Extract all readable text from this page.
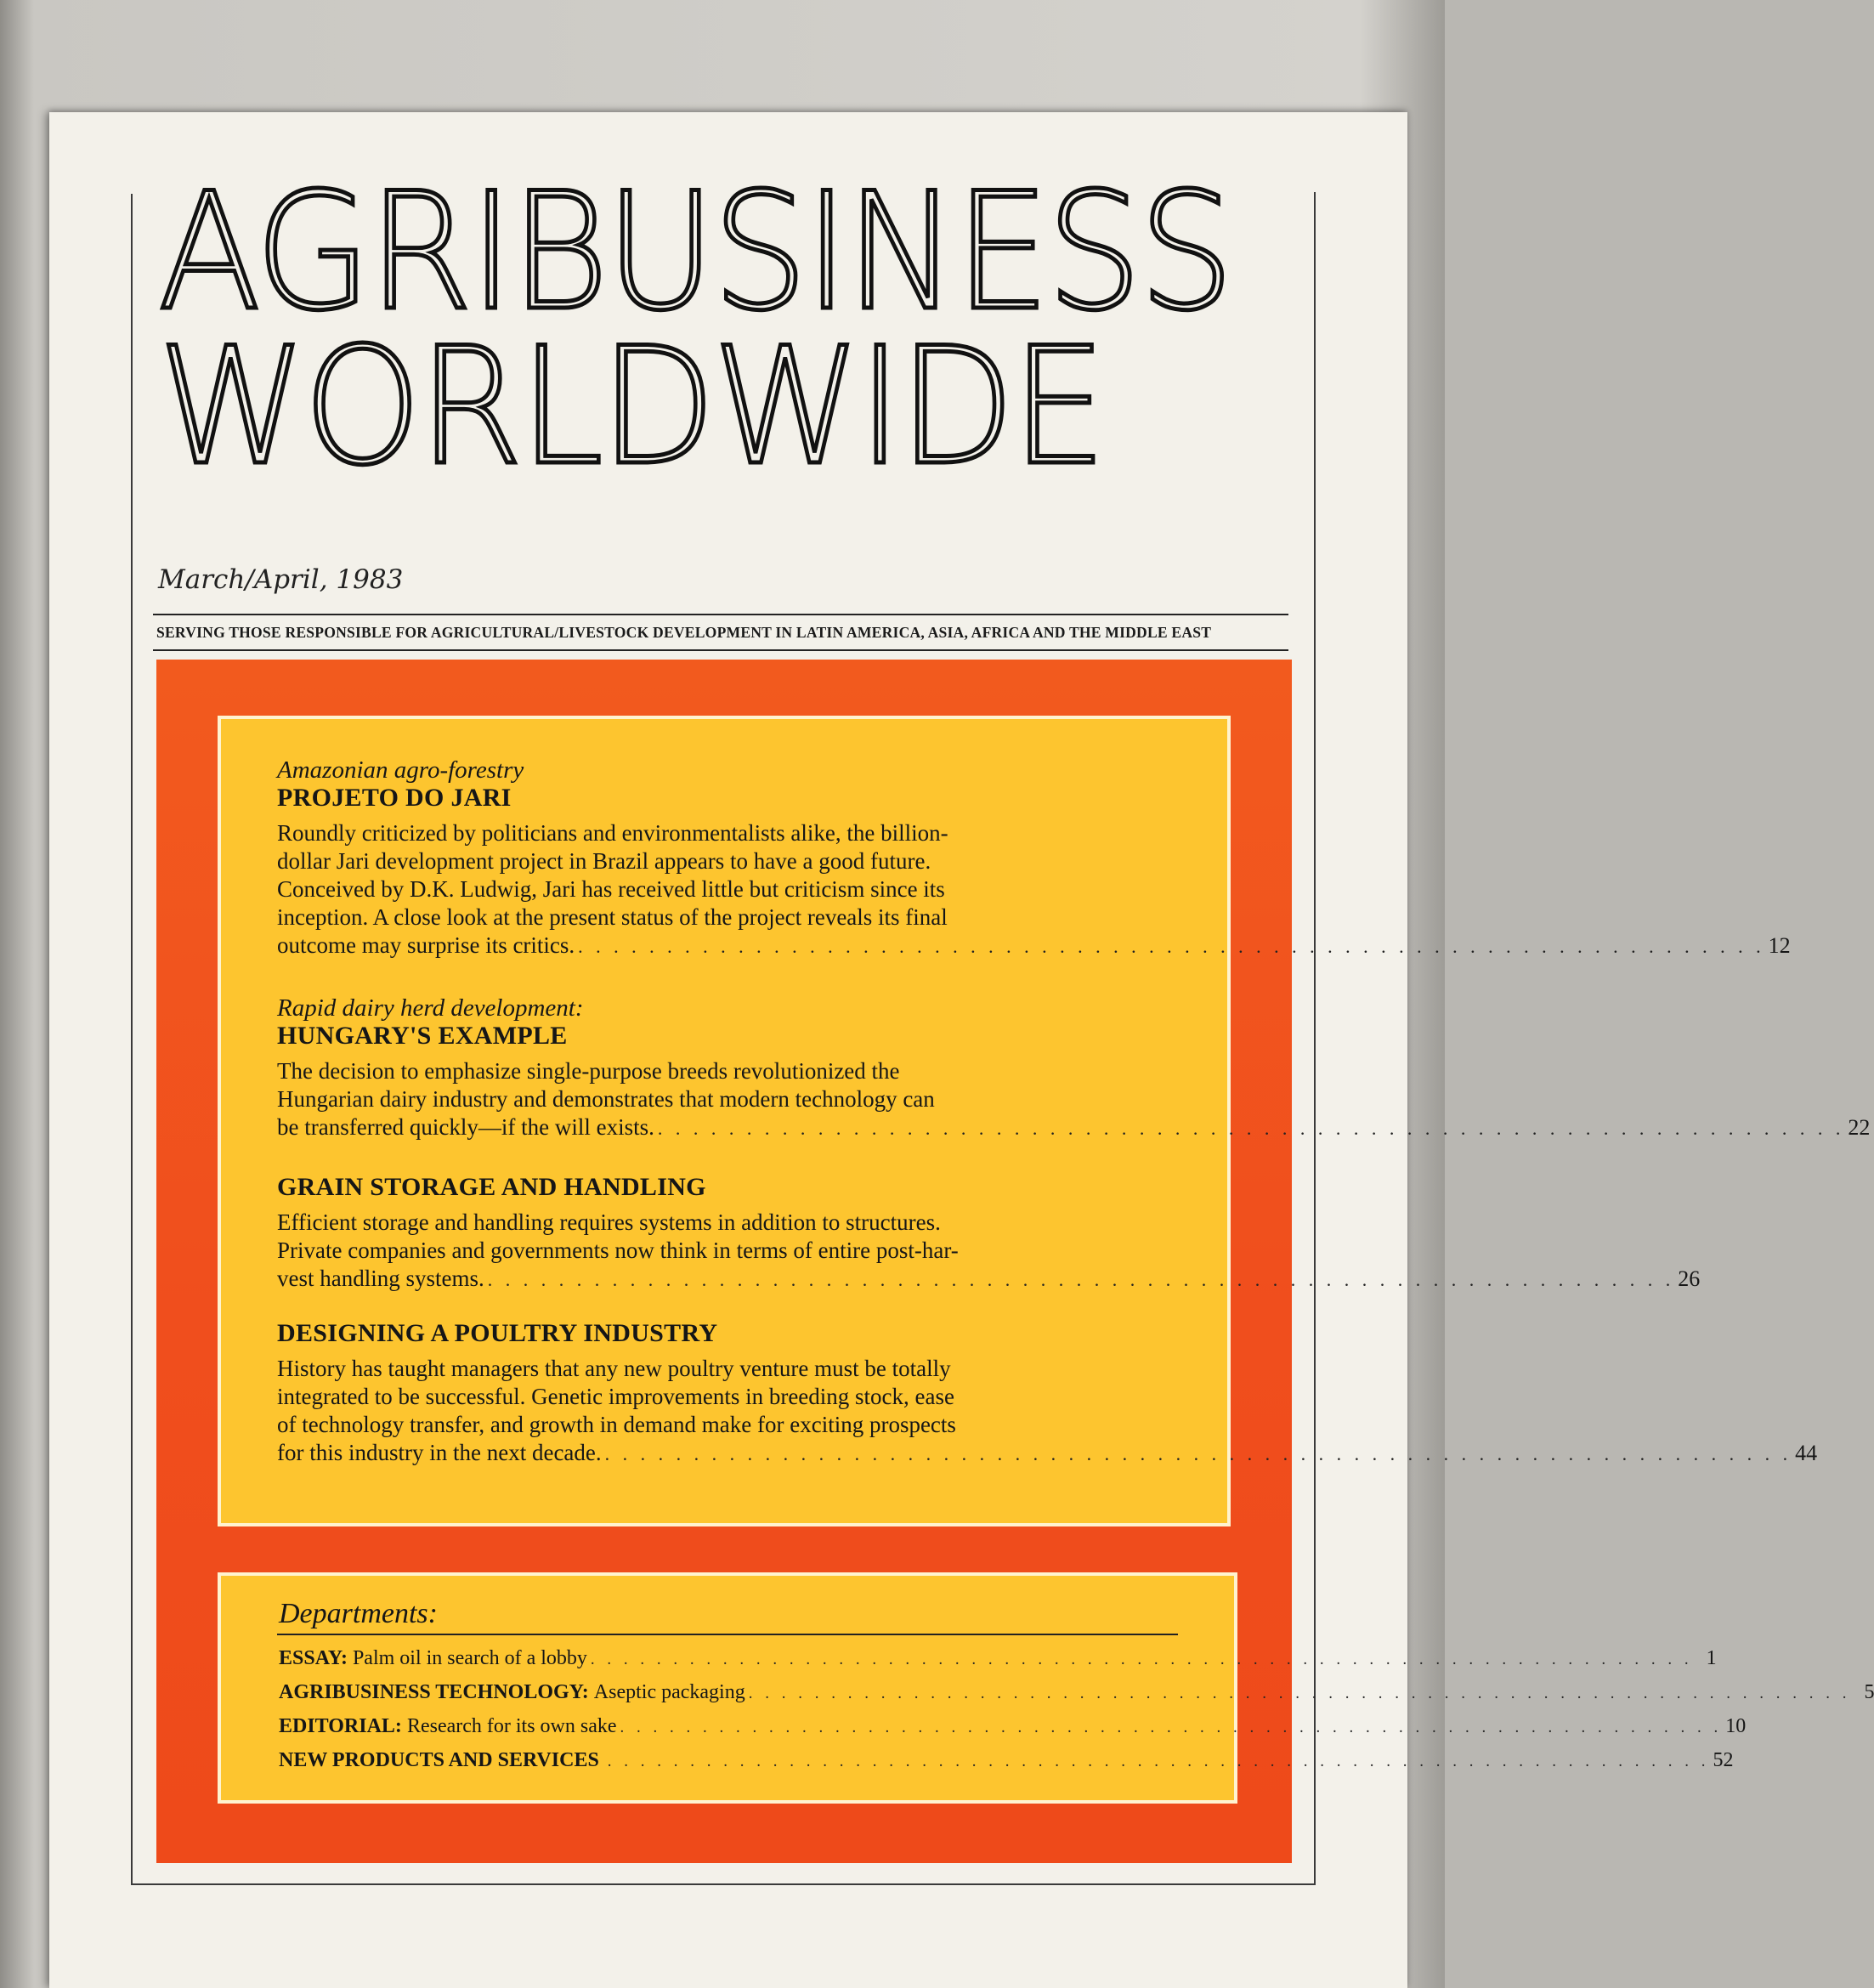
AGRIBUSINESS
WORLDWIDE
March/April, 1983
SERVING THOSE RESPONSIBLE FOR AGRICULTURAL/LIVESTOCK DEVELOPMENT IN LATIN AMERICA, ASIA, AFRICA AND THE MIDDLE EAST
Amazonian agro-forestry
PROJETO DO JARI
Roundly criticized by politicians and environmentalists alike, the billion-
dollar Jari development project in Brazil appears to have a good future.
Conceived by D.K. Ludwig, Jari has received little but criticism since its
inception. A close look at the present status of the project reveals its final
outcome may surprise its critics. . . . . . . . . . . . . . . . . . . . . . . . . . . . . . . . . . . . . . . . . . . . . . . . . . . . . . . . . . . . . . . . . . . . 12
Rapid dairy herd development:
HUNGARY'S EXAMPLE
The decision to emphasize single-purpose breeds revolutionized the
Hungarian dairy industry and demonstrates that modern technology can
be transferred quickly—if the will exists. . . . . . . . . . . . . . . . . . . . . . . . . . . . . . . . . . . . . . . . . . . . . . . . . . . . . . . . . . . . . . . . . . . . 22
GRAIN STORAGE AND HANDLING
Efficient storage and handling requires systems in addition to structures.
Private companies and governments now think in terms of entire post-har-
vest handling systems. . . . . . . . . . . . . . . . . . . . . . . . . . . . . . . . . . . . . . . . . . . . . . . . . . . . . . . . . . . . . . . . . . . . 26
DESIGNING A POULTRY INDUSTRY
History has taught managers that any new poultry venture must be totally
integrated to be successful. Genetic improvements in breeding stock, ease
of technology transfer, and growth in demand make for exciting prospects
for this industry in the next decade. . . . . . . . . . . . . . . . . . . . . . . . . . . . . . . . . . . . . . . . . . . . . . . . . . . . . . . . . . . . . . . . . . . . 44
Departments:
ESSAY: Palm oil in search of a lobby . . . . . . . . . . . . . . . . . . . . . . . . . . . . . . . . . . . . . . . . . . . . . . . . . . . . . . . . . . . . . . . . . . . 1
AGRIBUSINESS TECHNOLOGY: Aseptic packaging . . . . . . . . . . . . . . . . . . . . . . . . . . . . . . . . . . . . . . . . . . . . . . . . . . . . . . . . . . . . . . . . . . . 5
EDITORIAL: Research for its own sake . . . . . . . . . . . . . . . . . . . . . . . . . . . . . . . . . . . . . . . . . . . . . . . . . . . . . . . . . . . . . . . . . . . 10
NEW PRODUCTS AND SERVICES . . . . . . . . . . . . . . . . . . . . . . . . . . . . . . . . . . . . . . . . . . . . . . . . . . . . . . . . . . . . . . . . . . . 52
